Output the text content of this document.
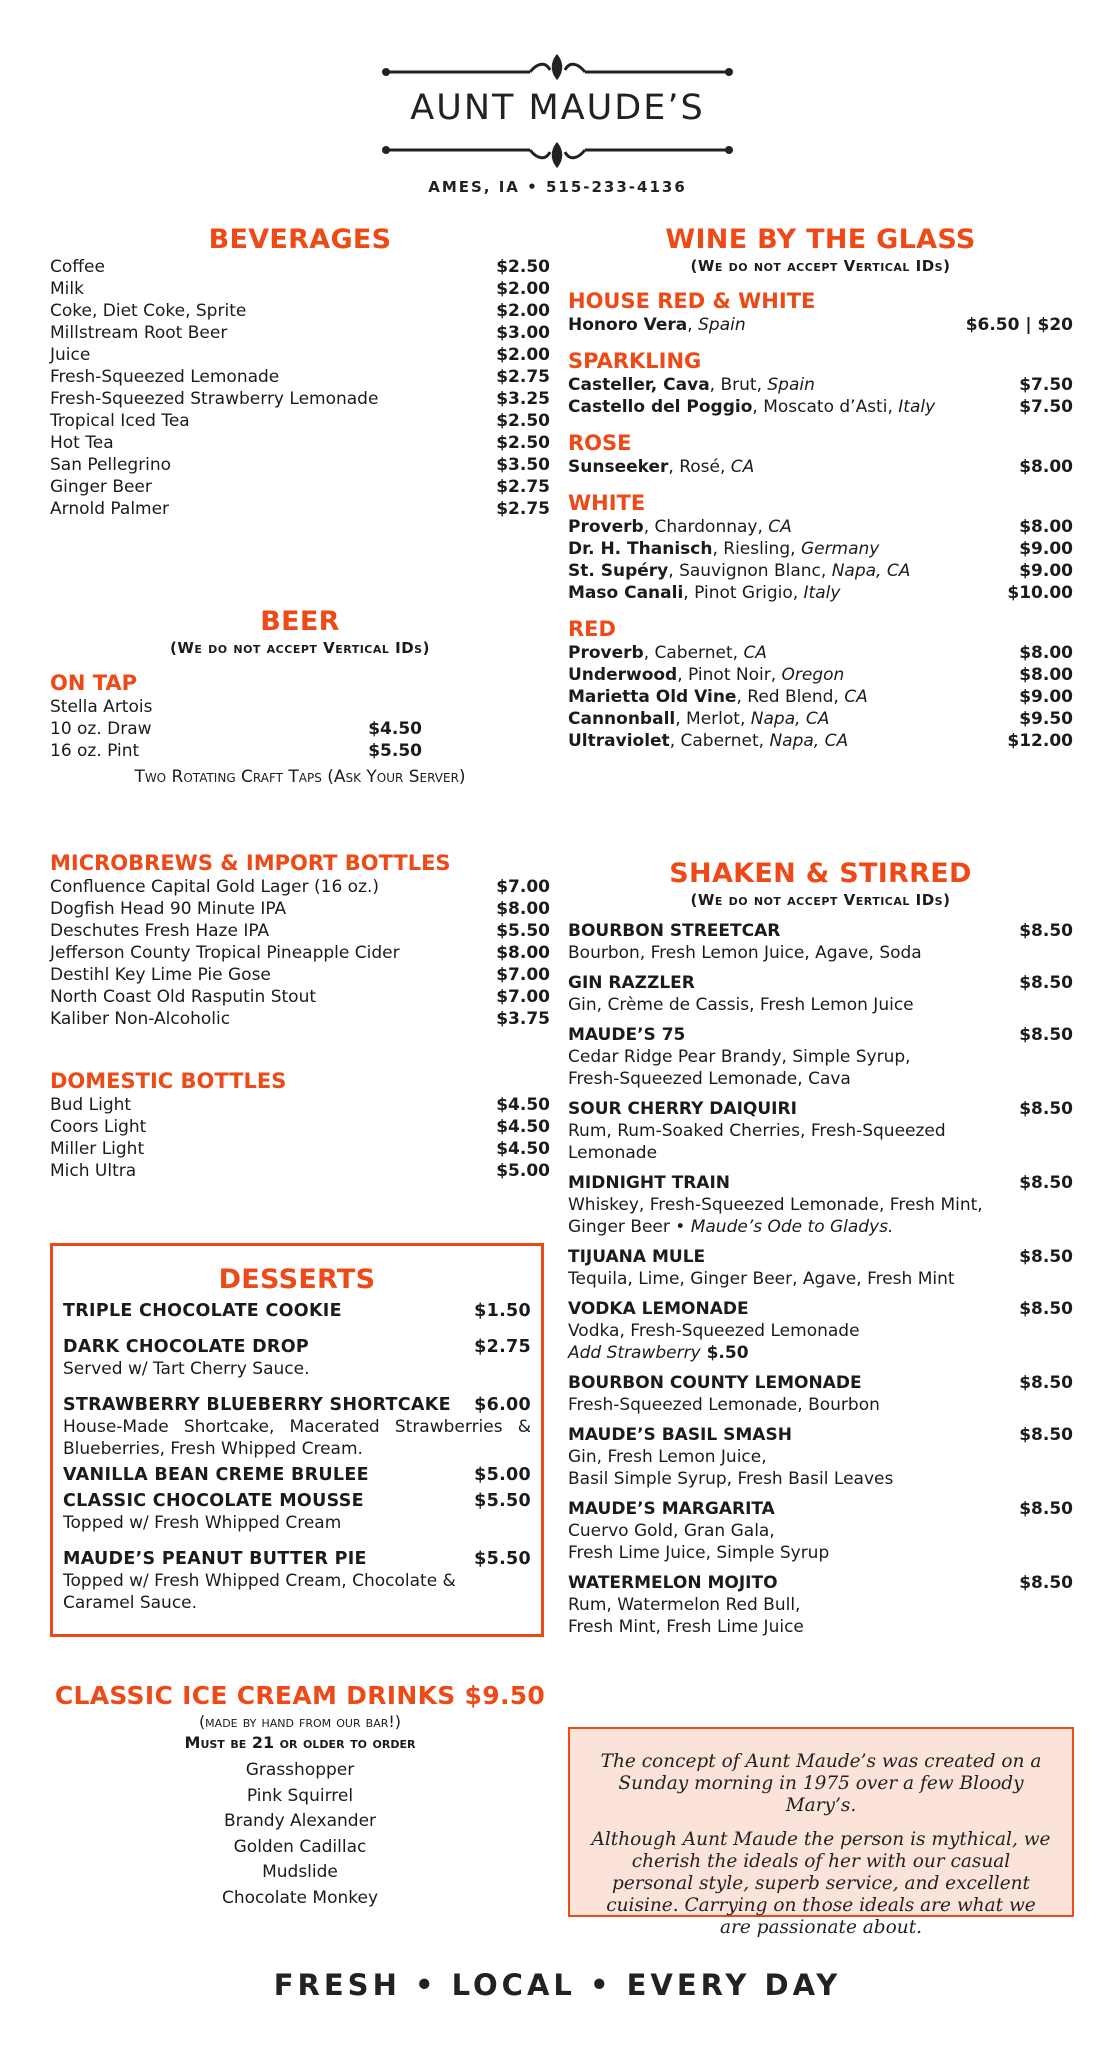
AUNT MAUDE’S
AMES, IA • 515-233-4136
BEVERAGES
Coffee	$2.50
Milk	$2.00
Coke, Diet Coke, Sprite	$2.00
Millstream Root Beer	$3.00
Juice	$2.00
Fresh-Squeezed Lemonade	$2.75
Fresh-Squeezed Strawberry Lemonade	$3.25
Tropical Iced Tea	$2.50
Hot Tea	$2.50
San Pellegrino	$3.50
Ginger Beer	$2.75
Arnold Palmer	$2.75
BEER
(We do not accept Vertical IDs)
ON TAP
Stella Artois
10 oz. Draw	$4.50
16 oz. Pint	$5.50
Two Rotating Craft Taps (Ask Your Server)
MICROBREWS & IMPORT BOTTLES
Confluence Capital Gold Lager (16 oz.)	$7.00
Dogfish Head 90 Minute IPA	$8.00
Deschutes Fresh Haze IPA	$5.50
Jefferson County Tropical Pineapple Cider	$8.00
Destihl Key Lime Pie Gose	$7.00
North Coast Old Rasputin Stout	$7.00
Kaliber Non-Alcoholic	$3.75
DOMESTIC BOTTLES
Bud Light	$4.50
Coors Light	$4.50
Miller Light	$4.50
Mich Ultra	$5.00
DESSERTS
TRIPLE CHOCOLATE COOKIE	$1.50
DARK CHOCOLATE DROP	$2.75
Served w/ Tart Cherry Sauce.
STRAWBERRY BLUEBERRY SHORTCAKE $6.00
House-Made Shortcake, Macerated Strawberries & Blueberries, Fresh Whipped Cream.
VANILLA BEAN CREME BRULEE	$5.00
CLASSIC CHOCOLATE MOUSSE	$5.50
Topped w/ Fresh Whipped Cream
MAUDE’S PEANUT BUTTER PIE	$5.50
Topped w/ Fresh Whipped Cream, Chocolate & Caramel Sauce.
CLASSIC ICE CREAM DRINKS $9.50
(made by hand from our bar!)
Must be 21 or older to order
Grasshopper
Pink Squirrel
Brandy Alexander
Golden Cadillac
Mudslide
Chocolate Monkey
WINE BY THE GLASS
(We do not accept Vertical IDs)
HOUSE RED & WHITE
Honoro Vera, Spain	$6.50 | $20
SPARKLING
Casteller, Cava, Brut, Spain	$7.50
Castello del Poggio, Moscato d’Asti, Italy	$7.50
ROSE
Sunseeker, Rosé, CA	$8.00
WHITE
Proverb, Chardonnay, CA	$8.00
Dr. H. Thanisch, Riesling, Germany	$9.00
St. Supéry, Sauvignon Blanc, Napa, CA	$9.00
Maso Canali, Pinot Grigio, Italy	$10.00
RED
Proverb, Cabernet, CA	$8.00
Underwood, Pinot Noir, Oregon	$8.00
Marietta Old Vine, Red Blend, CA	$9.00
Cannonball, Merlot, Napa, CA	$9.50
Ultraviolet, Cabernet, Napa, CA	$12.00
SHAKEN & STIRRED
(We do not accept Vertical IDs)
BOURBON STREETCAR	$8.50
Bourbon, Fresh Lemon Juice, Agave, Soda
GIN RAZZLER	$8.50
Gin, Crème de Cassis, Fresh Lemon Juice
MAUDE’S 75	$8.50
Cedar Ridge Pear Brandy, Simple Syrup,
Fresh-Squeezed Lemonade, Cava
SOUR CHERRY DAIQUIRI	$8.50
Rum, Rum-Soaked Cherries, Fresh-Squeezed
Lemonade
MIDNIGHT TRAIN	$8.50
Whiskey, Fresh-Squeezed Lemonade, Fresh Mint,
Ginger Beer • Maude’s Ode to Gladys.
TIJUANA MULE	$8.50
Tequila, Lime, Ginger Beer, Agave, Fresh Mint
VODKA LEMONADE	$8.50
Vodka, Fresh-Squeezed Lemonade
Add Strawberry $.50
BOURBON COUNTY LEMONADE	$8.50
Fresh-Squeezed Lemonade, Bourbon
MAUDE’S BASIL SMASH	$8.50
Gin, Fresh Lemon Juice,
Basil Simple Syrup, Fresh Basil Leaves
MAUDE’S MARGARITA	$8.50
Cuervo Gold, Gran Gala,
Fresh Lime Juice, Simple Syrup
WATERMELON MOJITO	$8.50
Rum, Watermelon Red Bull,
Fresh Mint, Fresh Lime Juice

The concept of Aunt Maude’s was created on a Sunday morning in 1975 over a few Bloody Mary’s.

Although Aunt Maude the person is mythical, we cherish the ideals of her with our casual personal style, superb service, and excellent cuisine. Carrying on those ideals are what we are passionate about.

FRESH • LOCAL • EVERY DAY
